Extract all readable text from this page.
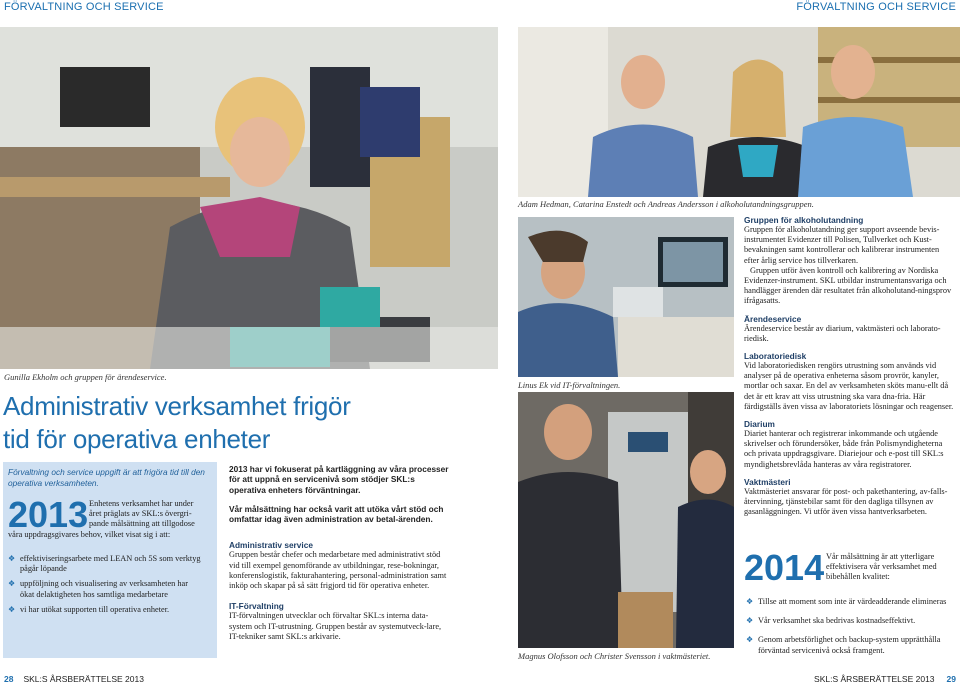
FÖRVALTNING OCH SERVICE	FÖRVALTNING OCH SERVICE
Gunilla Ekholm och gruppen för ärendeservice.
Administrativ verksamhet frigör
tid för operativa enheter
Förvaltning och service uppgift är att frigöra tid till den operativa verksamheten.
2013 Enhetens verksamhet har under
året präglats av SKL:s övergri-
pande målsättning att tillgodose
våra uppdragsgivares behov, vilket visat sig i att:
❖ effektiviseringsarbete med LEAN och 5S som verktyg pågår löpande
❖ uppföljning och visualisering av verksamheten har ökat delaktigheten hos samtliga medarbetare
❖ vi har utökat supporten till operativa enheter.
2013 har vi fokuserat på kartläggning av våra processer för att uppnå en servicenivå som stödjer SKL:s operativa enheters förväntningar.
Vår målsättning har också varit att utöka vårt stöd och omfattar idag även administration av betal-ärenden.
Administrativ service
Gruppen består chefer och medarbetare med administrativt stöd vid till exempel genomförande av utbildningar, rese-bokningar, konferenslogistik, fakturahantering, personal-administration samt inköp och skapar på så sätt frigjord tid för operativa enheter.
IT-Förvaltning
IT-förvaltningen utvecklar och förvaltar SKL:s interna data-system och IT-utrustning. Gruppen består av systemutveck-lare, IT-tekniker samt SKL:s arkivarie.
Adam Hedman, Catarina Enstedt och Andreas Andersson i alkoholutandningsgruppen.
Linus Ek vid IT-förvaltningen.
Magnus Olofsson och Christer Svensson i vaktmästeriet.
Gruppen för alkoholutandning
Gruppen för alkoholutandning ger support avseende bevis-instrumentet Evidenzer till Polisen, Tullverket och Kust-bevakningen samt kontrollerar och kalibrerar instrumenten efter årlig service hos tillverkaren.
Gruppen utför även kontroll och kalibrering av Nordiska Evidenzer-instrument. SKL utbildar instrumentansvariga och handlägger ärenden där resultatet från alkoholutand-ningsprov ifrågasatts.
Ärendeservice
Ärendeservice består av diarium, vaktmästeri och laborato-riedisk.
Laboratoriedisk
Vid laboratoriedisken rengörs utrustning som används vid analyser på de operativa enheterna såsom provrör, kanyler, mortlar och saxar. En del av verksamheten sköts manu-ellt då det är ett krav att viss utrustning ska vara dna-fria. Här färdigställs även vissa av laboratoriets lösningar och reagenser.
Diarium
Diariet hanterar och registrerar inkommande och utgående skrivelser och förundersöker, både från Polismyndigheterna och privata uppdragsgivare. Diariejour och e-post till SKL:s myndighetsbrevlåda hanteras av våra registratorer.
Vaktmästeri
Vaktmästeriet ansvarar för post- och pakethantering, av-falls-återvinning, tjänstebilar samt för den dagliga tillsynen av gasanläggningen. Vi utför även vissa hantverksarbeten.
2014 Vår målsättning är att ytterligare
effektivisera vår verksamhet med
bibehållen kvalitet:
❖ Tillse att moment som inte är värdeadderande elimineras
❖ Vår verksamhet ska bedrivas kostnadseffektivt.
❖ Genom arbetsförlighet och backup-system upprätthålla förväntad servicenivå också framgent.
28 SKL:S ÅRSBERÄTTELSE 2013	SKL:S ÅRSBERÄTTELSE 2013 29
